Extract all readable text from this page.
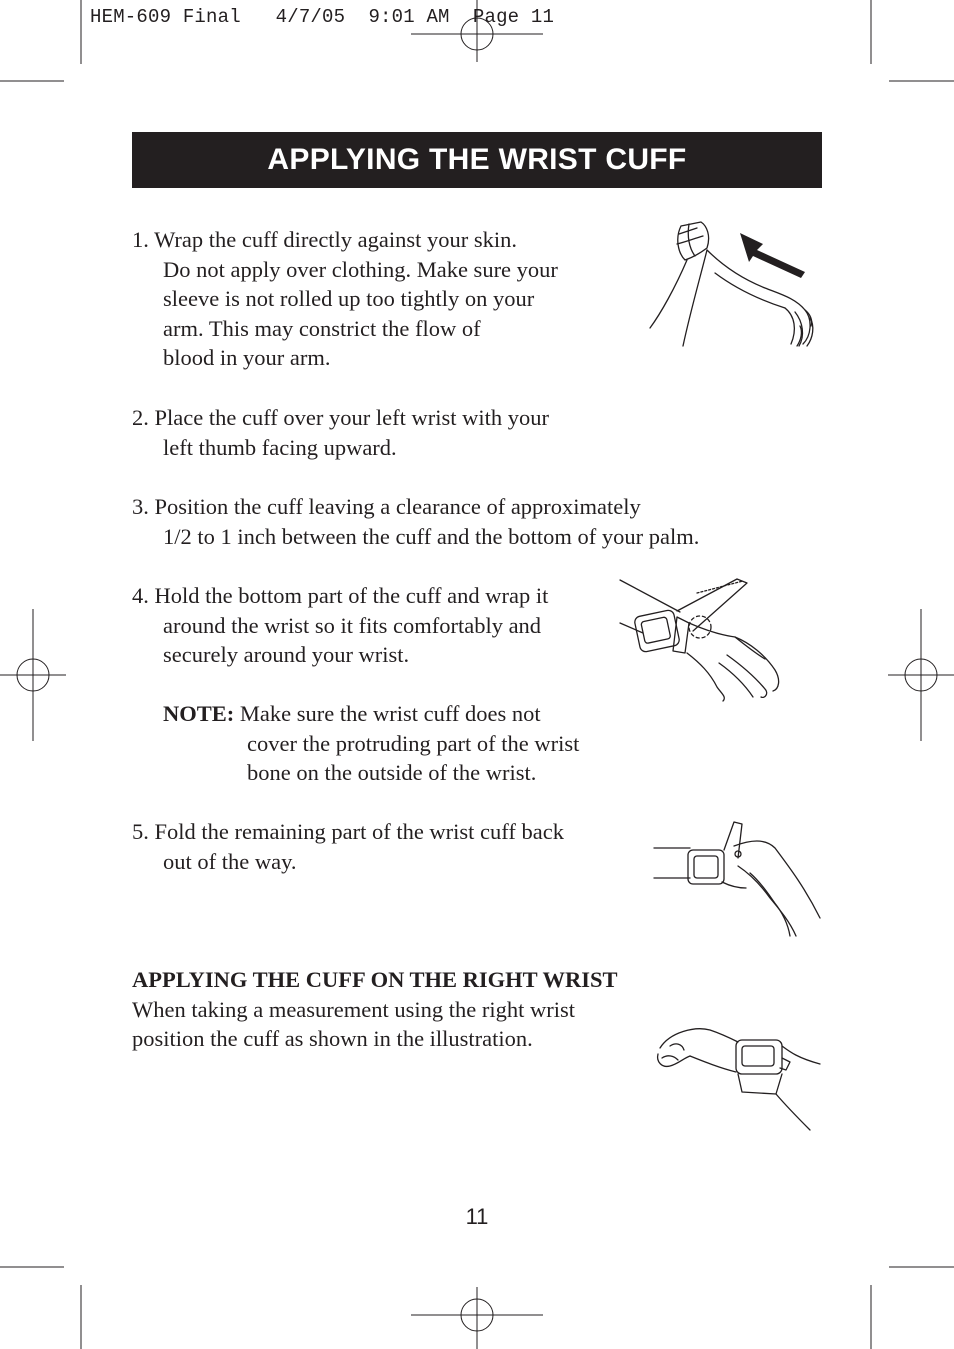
HEM-609 Final   4/7/05  9:01 AM  Page 11
APPLYING THE WRIST CUFF
1. Wrap the cuff directly against your skin.
Do not apply over clothing. Make sure your
sleeve is not rolled up too tightly on your
arm. This may constrict the flow of
blood in your arm.
2. Place the cuff over your left wrist with your
left thumb facing upward.
3. Position the cuff leaving a clearance of approximately
1/2 to 1 inch between the cuff and the bottom of your palm.
4. Hold the bottom part of the cuff and wrap it
around the wrist so it fits comfortably and
securely around your wrist.
NOTE: Make sure the wrist cuff does not
cover the protruding part of the wrist
bone on the outside of the wrist.
5. Fold the remaining part of the wrist cuff back
out of the way.
APPLYING THE CUFF ON THE RIGHT WRIST
When taking a measurement using the right wrist
position the cuff as shown in the illustration.
11
